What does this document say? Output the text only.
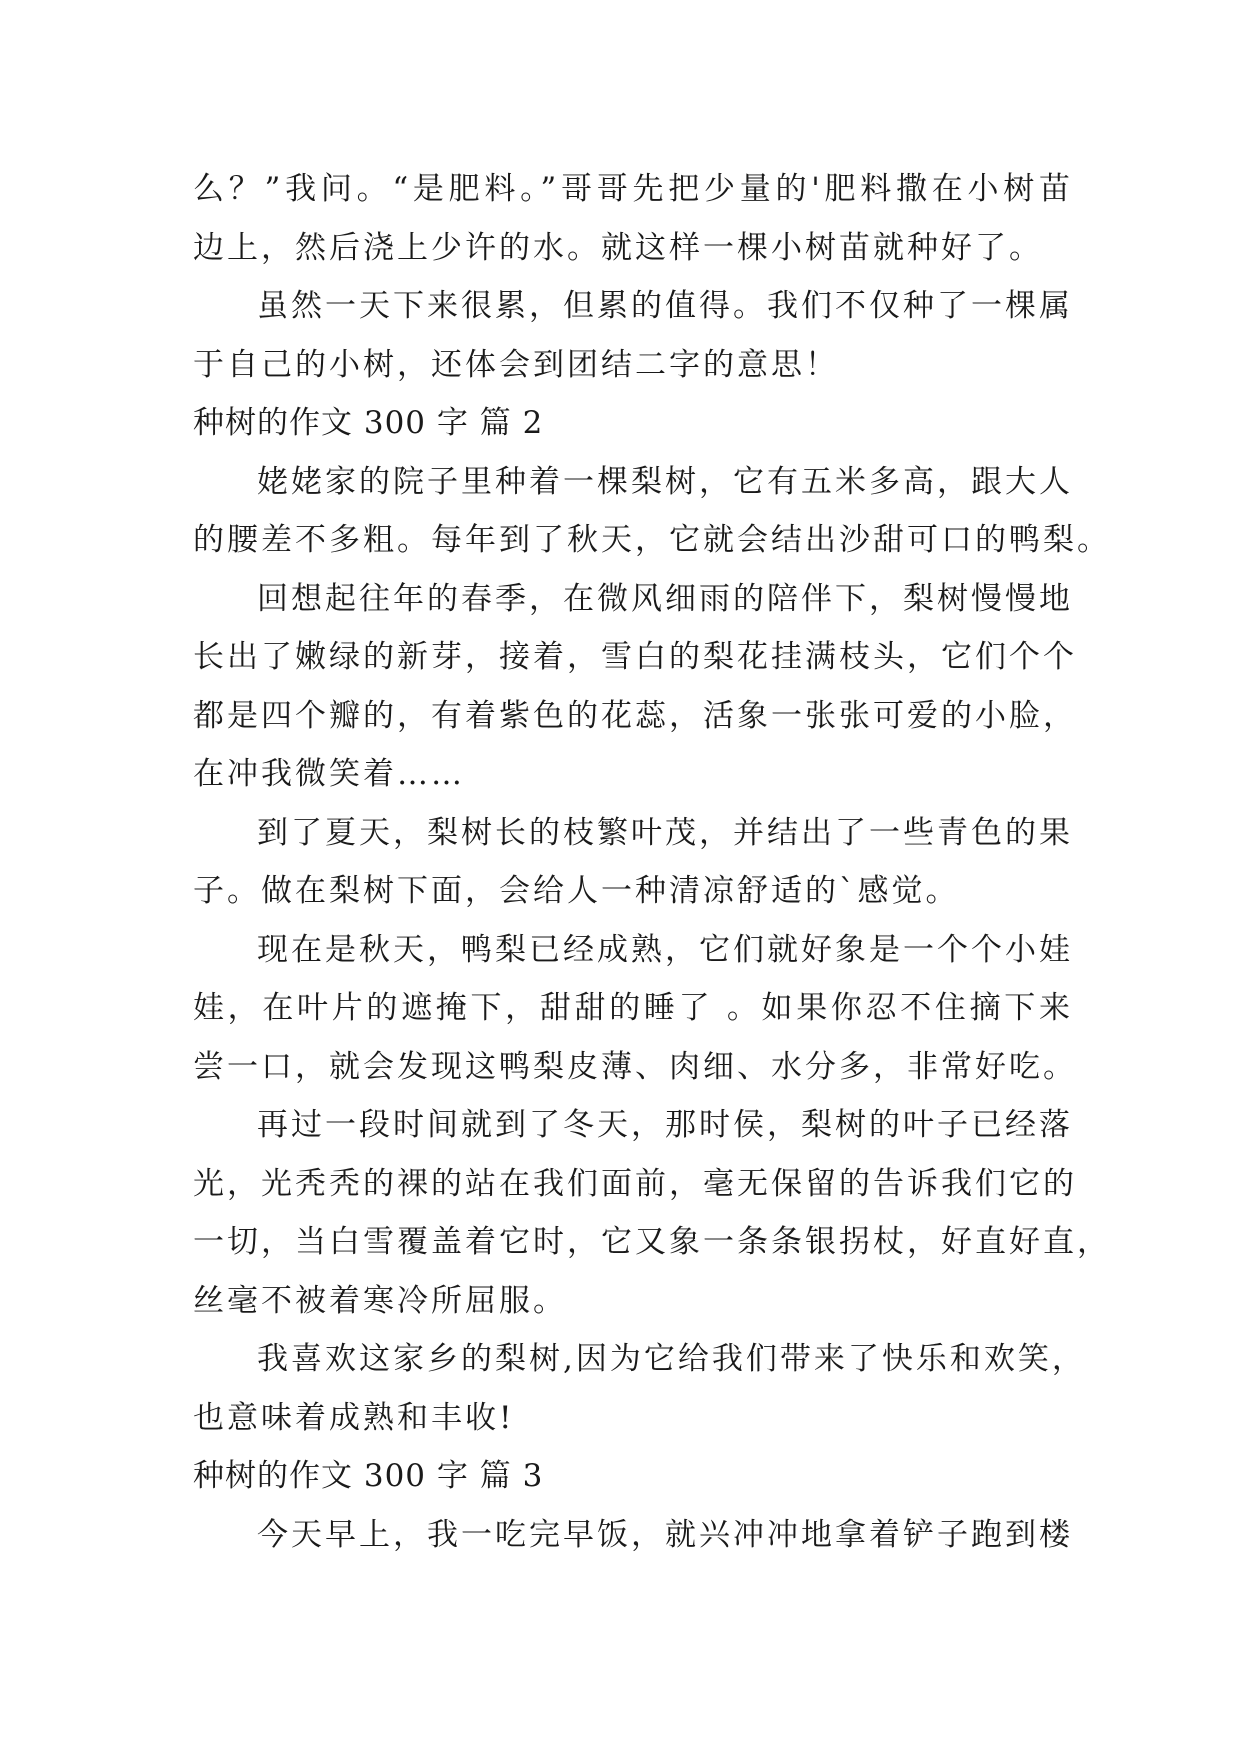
么？”我问。“是肥料。”哥哥先把少量的'肥料撒在小树苗
边上，然后浇上少许的水。就这样一棵小树苗就种好了。
虽然一天下来很累，但累的值得。我们不仅种了一棵属
于自己的小树，还体会到团结二字的意思！
种树的作文 300 字 篇 2
姥姥家的院子里种着一棵梨树，它有五米多高，跟大人
的腰差不多粗。每年到了秋天，它就会结出沙甜可口的鸭梨。
回想起往年的春季，在微风细雨的陪伴下，梨树慢慢地
长出了嫩绿的新芽，接着，雪白的梨花挂满枝头，它们个个
都是四个瓣的，有着紫色的花蕊，活象一张张可爱的小脸，
在冲我微笑着……
到了夏天，梨树长的枝繁叶茂，并结出了一些青色的果
子。做在梨树下面，会给人一种清凉舒适的`感觉。
现在是秋天，鸭梨已经成熟，它们就好象是一个个小娃
娃，在叶片的遮掩下，甜甜的睡了 。如果你忍不住摘下来
尝一口，就会发现这鸭梨皮薄、肉细、水分多，非常好吃。
再过一段时间就到了冬天，那时侯，梨树的叶子已经落
光，光秃秃的裸的站在我们面前，毫无保留的告诉我们它的
一切，当白雪覆盖着它时，它又象一条条银拐杖，好直好直，
丝毫不被着寒冷所屈服。
我喜欢这家乡的梨树,因为它给我们带来了快乐和欢笑，
也意味着成熟和丰收!
种树的作文 300 字 篇 3
今天早上，我一吃完早饭，就兴冲冲地拿着铲子跑到楼
